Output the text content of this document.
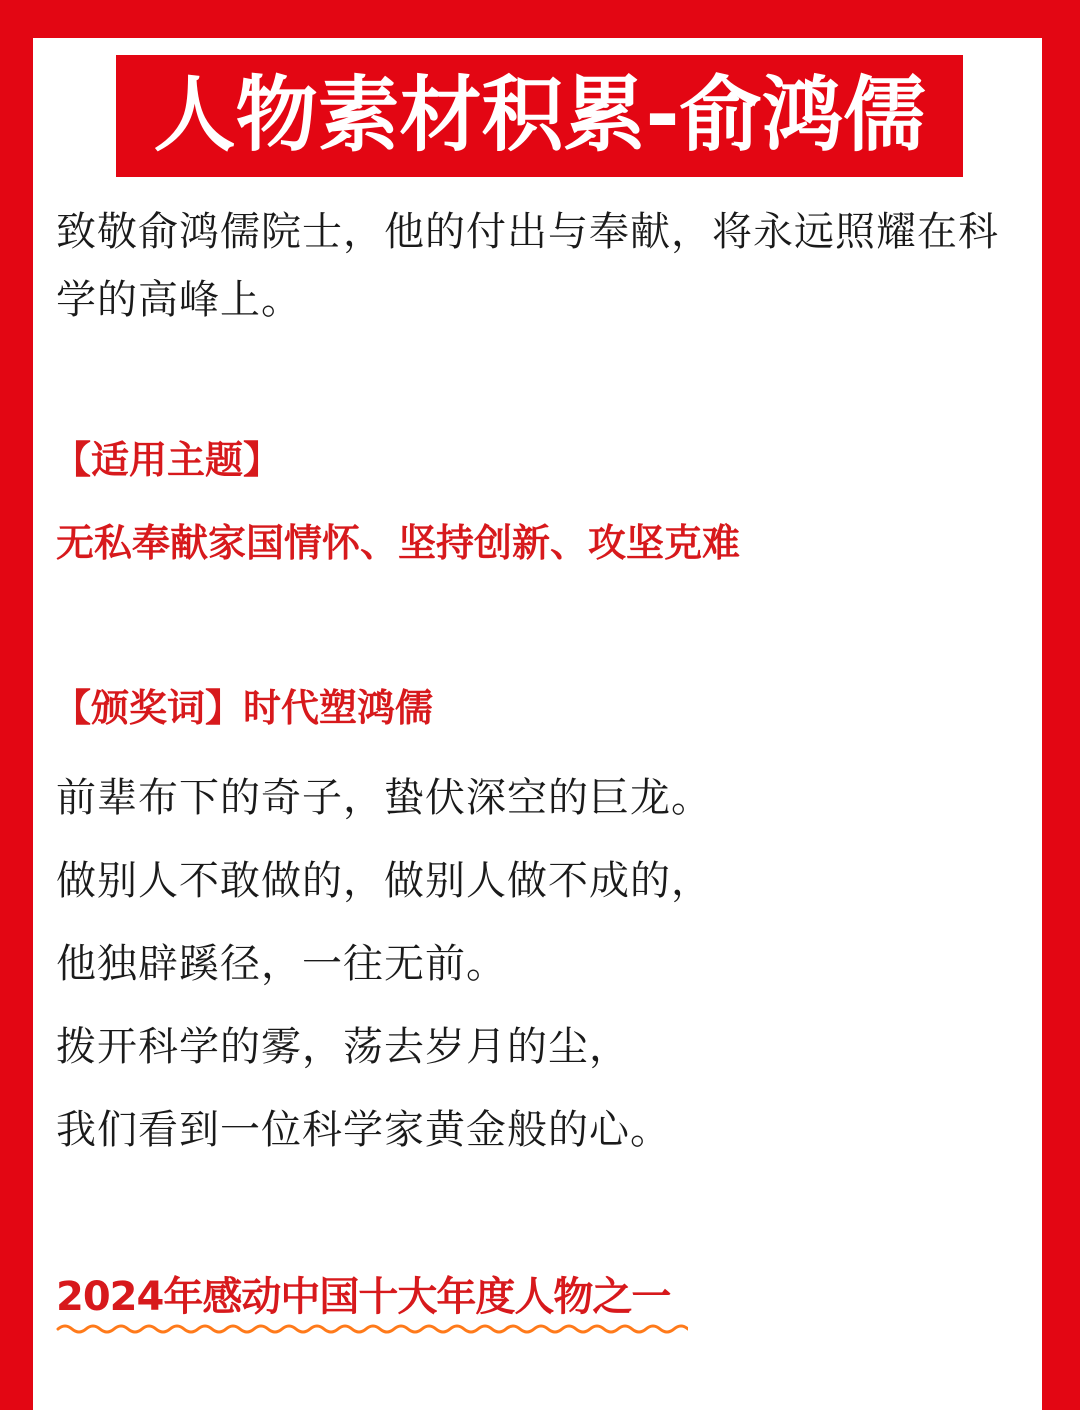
人物素材积累-俞鸿儒
致敬俞鸿儒院士，他的付出与奉献，将永远照耀在科学的高峰上。
【适用主题】
无私奉献家国情怀、坚持创新、攻坚克难
【颁奖词】时代塑鸿儒
前辈布下的奇子，蛰伏深空的巨龙。
做别人不敢做的，做别人做不成的，
他独辟蹊径，一往无前。
拨开科学的雾，荡去岁月的尘，
我们看到一位科学家黄金般的心。
2024年感动中国十大年度人物之一
